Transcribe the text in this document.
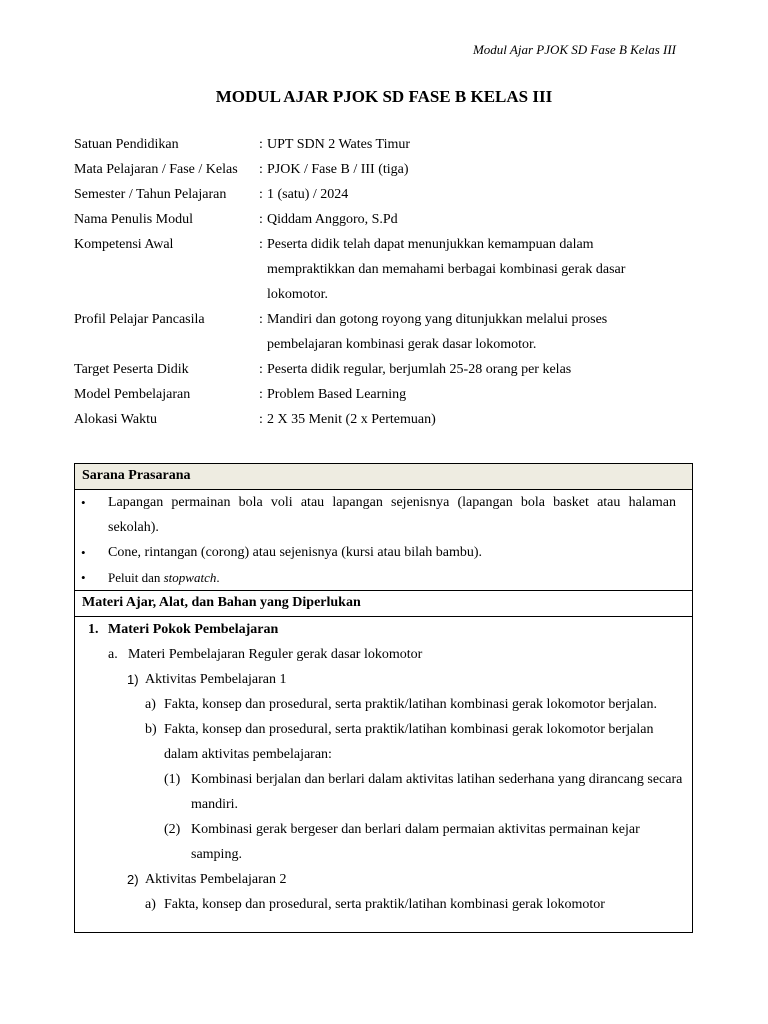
Modul Ajar PJOK SD Fase B Kelas III
MODUL AJAR PJOK SD FASE B KELAS III
Satuan Pendidikan	: UPT SDN 2 Wates Timur
Mata Pelajaran / Fase / Kelas	: PJOK / Fase B / III (tiga)
Semester / Tahun Pelajaran	: 1 (satu) / 2024
Nama Penulis Modul	: Qiddam Anggoro, S.Pd
Kompetensi Awal	: Peserta didik telah dapat menunjukkan kemampuan dalam
mempraktikkan dan memahami berbagai kombinasi gerak dasar
lokomotor.
Profil Pelajar Pancasila	: Mandiri dan gotong royong yang ditunjukkan melalui proses
pembelajaran kombinasi gerak dasar lokomotor.
Target Peserta Didik	: Peserta didik regular, berjumlah 25-28 orang per kelas
Model Pembelajaran	: Problem Based Learning
Alokasi Waktu	: 2 X 35 Menit (2 x Pertemuan)
Sarana Prasarana
• Lapangan permainan bola voli atau lapangan sejenisnya (lapangan bola basket atau halaman sekolah).
• Cone, rintangan (corong) atau sejenisnya (kursi atau bilah bambu).
• Peluit dan stopwatch.
Materi Ajar, Alat, dan Bahan yang Diperlukan
1. Materi Pokok Pembelajaran
a. Materi Pembelajaran Reguler gerak dasar lokomotor
1) Aktivitas Pembelajaran 1
a) Fakta, konsep dan prosedural, serta praktik/latihan kombinasi gerak lokomotor berjalan.
b) Fakta, konsep dan prosedural, serta praktik/latihan kombinasi gerak lokomotor berjalan dalam aktivitas pembelajaran:
(1) Kombinasi berjalan dan berlari dalam aktivitas latihan sederhana yang dirancang secara mandiri.
(2) Kombinasi gerak bergeser dan berlari dalam permaian aktivitas permainan kejar samping.
2) Aktivitas Pembelajaran 2
a) Fakta, konsep dan prosedural, serta praktik/latihan kombinasi gerak lokomotor
